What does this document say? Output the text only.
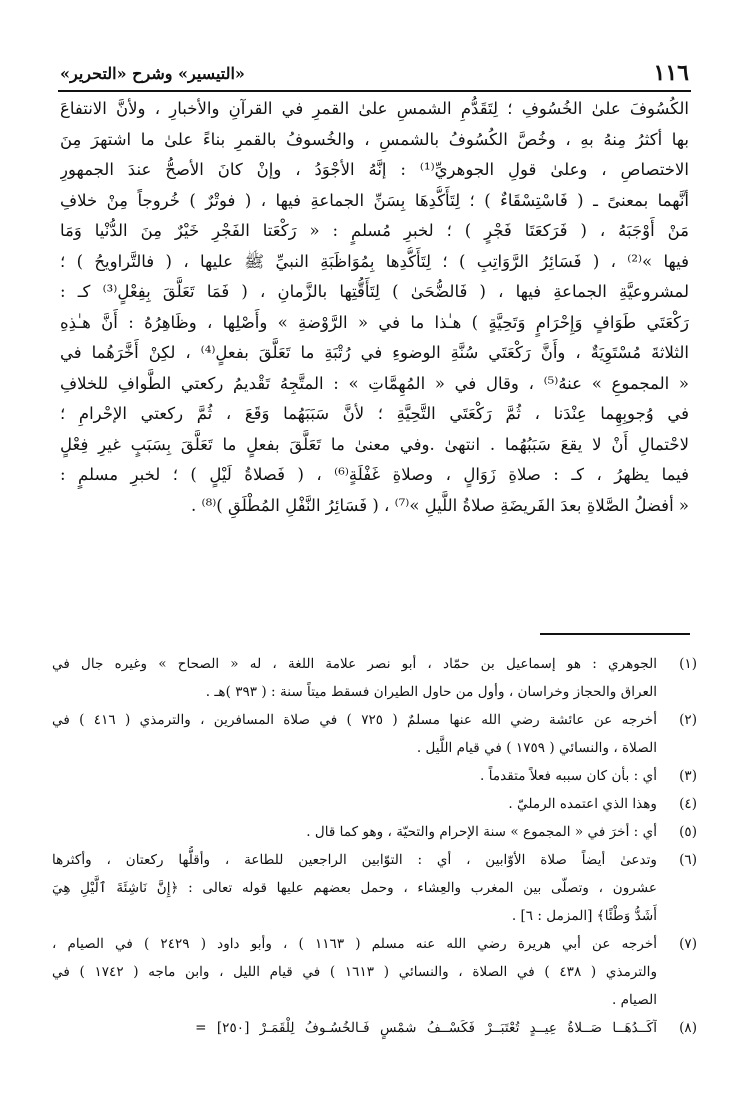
١١٦
«التيسير» وشرح «التحرير»
الكُسُوفَ علىٰ الخُسُوفِ ؛ لِتَقَدُّمِ الشمسِ علىٰ القمرِ في القرآنِ والأخبارِ ، ولأنَّ الانتفاعَ
بها أكثرُ مِنهُ بهِ ، وخُصَّ الكُسُوفُ بالشمسِ ، والخُسوفُ بالقمرِ بناءً علىٰ ما اشتهرَ مِنَ
الاختصاصِ ، وعلىٰ قولِ الجوهريِّ⁽¹⁾ : إنَّهُ الأجْوَدُ ، وإنْ كانَ الأصحُّ عندَ الجمهورِ
أنَّهما بمعنىً ـ ( فَاسْتِسْقَاءٌ ) ؛ لِتَأَكُّدِهَا بِسَنِّ الجماعةِ فيها ، ( فوتْرٌ ) خُروجاً مِنْ خلافِ
مَنْ أَوْجَبَهُ ، ( فَرَكعَتَا فَجْرٍ ) ؛ لخبرِ مُسلمٍ : « رَكْعَتا الفَجْرِ خَيْرٌ مِنَ الدُّنْيا وَمَا
فيها »⁽²⁾ ، ( فَسَائِرُ الرَّوَاتِبِ ) ؛ لِتَأَكُّدِها بِمُوَاظَبَةِ النبيِّ ﷺ عليها ، ( فالتَّراويحُ ) ؛
لمشروعيَّةِ الجماعةِ فيها ، ( فَالضُّحَىٰ ) لِتَأَقُّتِها بالزَّمانِ ، ( فَمَا تَعَلَّقَ بِفِعْلٍ⁽³⁾ كـ :
رَكْعَتَي طَوَافٍ وَإِحْرَامٍ وَتَحِيَّةٍ ) هـٰذا ما في « الرَّوْضةِ » وأَصْلِها ، وظَاهِرُهُ : أَنَّ هـٰذِهِ
الثلاثةَ مُسْتَوِيَةٌ ، وأَنَّ رَكْعَتَي سُنَّةِ الوضوءِ في رُتْبَةِ ما تَعَلَّقَ بفعلٍ⁽⁴⁾ ، لكِنْ أَخَّرَهُما في
« المجموعِ » عنهُ⁽⁵⁾ ، وقال في « المُهِمَّاتِ » : المتَّجِهُ تَقْديمُ ركعتي الطَّوافِ للخلافِ
في وُجوبِهِما عِنْدَنا ، ثُمَّ رَكْعَتَي التَّحِيَّةِ ؛ لأنَّ سَبَبَهُما وَقَعَ ، ثُمَّ ركعتي الإحْرامِ ؛
لاحْتمالِ أَنْ لا يقعَ سَبَبُهُما . انتهىٰ .وفي معنىٰ ما تَعَلَّقَ بفعلٍ ما تَعَلَّقَ بِسَبَبٍ غيرِ فِعْلٍ
فيما يظهرُ ، كـ : صلاةِ زَوَالٍ ، وصلاةِ غَفْلَةٍ⁽⁶⁾ ، ( فَصلاةُ لَيْلٍ ) ؛ لخبرِ مسلمٍ :
« أفضلُ الصَّلاةِ بعدَ الفَريضَةِ صلاةُ اللَّيلِ »⁽⁷⁾ ، ( فَسَائِرُ النَّفْلِ المُطْلَقِ )⁽⁸⁾ .
(١)
الجوهري : هو إسماعيل بن حمّاد ، أبو نصر علامة اللغة ، له « الصحاح » وغيره جال في
العراق والحجاز وخراسان ، وأول من حاول الطيران فسقط ميتاً سنة : ( ٣٩٣ )هـ .
(٢)
أخرجه عن عائشة رضي الله عنها مسلمٌ ( ٧٢٥ ) في صلاة المسافرين ، والترمذي ( ٤١٦ ) في
الصلاة ، والنسائي ( ١٧٥٩ ) في قيام اللَّيل .
(٣)
أي : بأن كان سببه فعلاً متقدماً .
(٤)
وهذا الذي اعتمده الرمليّ .
(٥)
أي : أخرَ في « المجموع » سنة الإحرام والتحيّة ، وهو كما قال .
(٦)
وتدعىٰ أيضاً صلاة الأوّابين ، أي : التوّابين الراجعين للطاعة ، وأقلُّها ركعتان ، وأكثرها
عشرون ، وتصلّى بين المغرب والعِشاء ، وحمل بعضهم عليها قوله تعالى : ﴿إِنَّ نَاشِئَةَ ٱلَّيْلِ هِيَ
أَشَدُّ وَطْئًا﴾ [المزمل : ٦] .
(٧)
أخرجه عن أبي هريرة رضي الله عنه مسلم ( ١١٦٣ ) ، وأبو داود ( ٢٤٢٩ ) في الصيام ،
والترمذي ( ٤٣٨ ) في الصلاة ، والنسائي ( ١٦١٣ ) في قيام الليل ، وابن ماجه ( ١٧٤٢ ) في
الصيام .
(٨)
آكَــدُهَــا صَــلاةُ عِيــدٍ تُعْتَبَــرْ فَكَسْــفُ شمْسٍ فَـالخُسُـوفُ لِلْقَمَـرْ [٢٥٠] =
